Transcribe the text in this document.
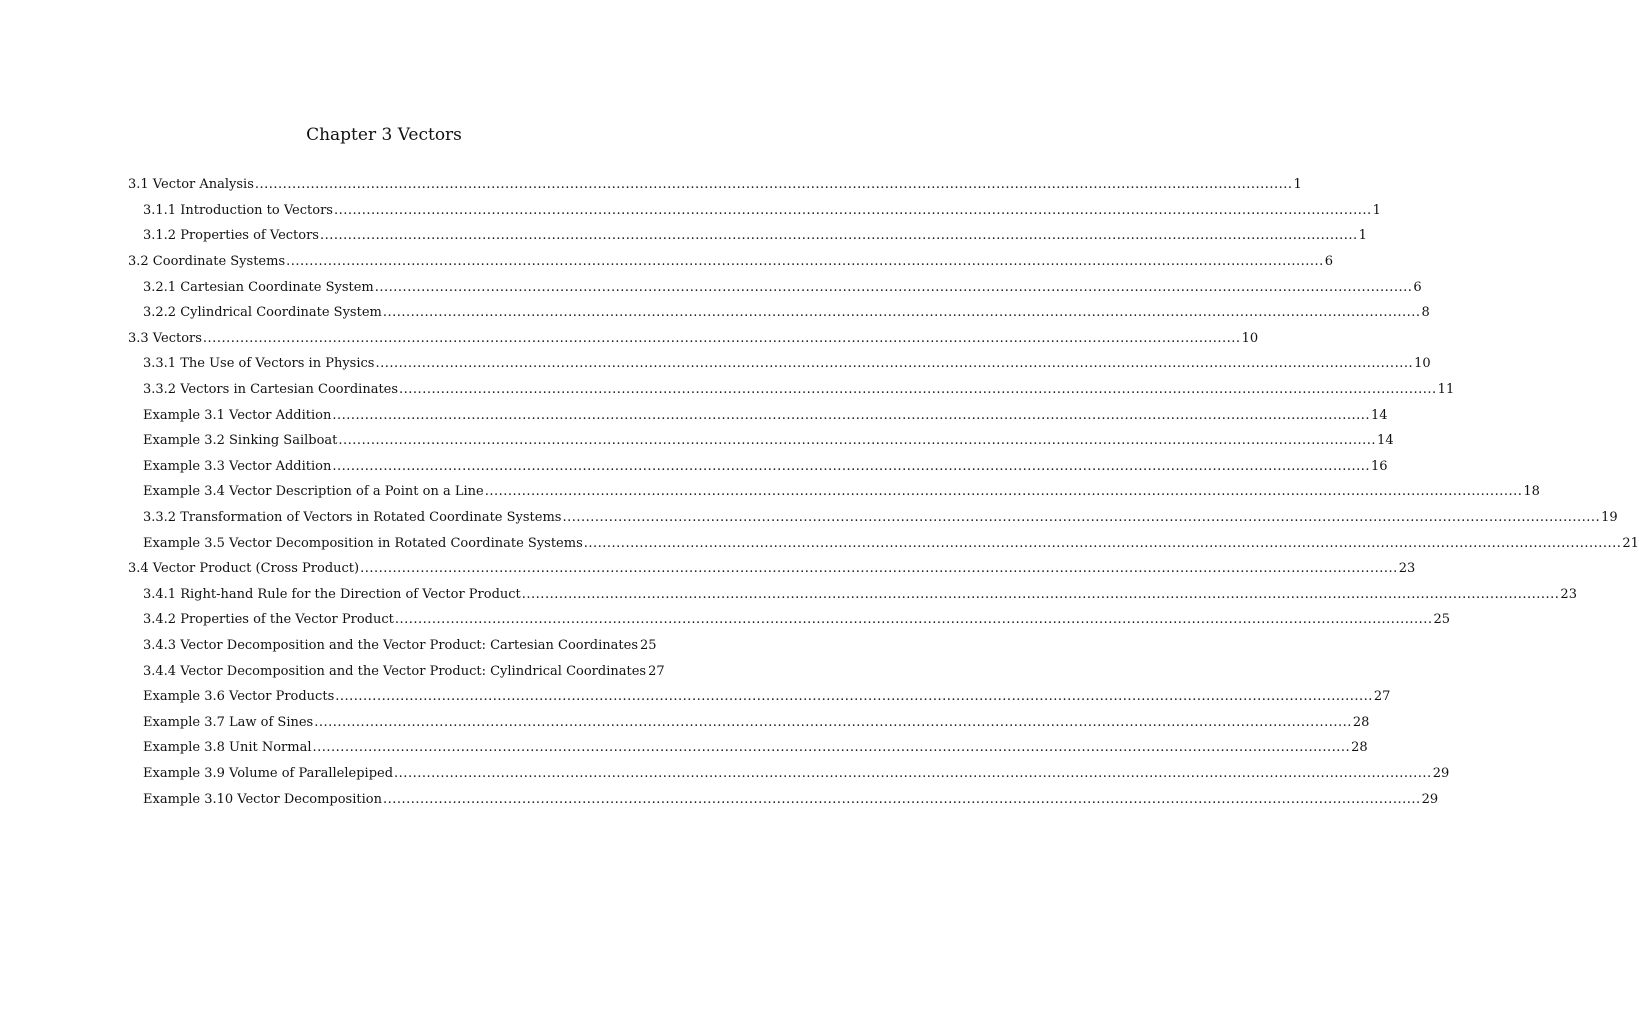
Chapter 3 Vectors
3.1 Vector Analysis .....	1
3.1.1 Introduction to Vectors .....	1
3.1.2 Properties of Vectors .....	1
3.2 Coordinate Systems .....	6
3.2.1 Cartesian Coordinate System .....	6
3.2.2 Cylindrical Coordinate System .....	8
3.3 Vectors .....	10
3.3.1 The Use of Vectors in Physics .....	10
3.3.2 Vectors in Cartesian Coordinates .....	11
Example 3.1 Vector Addition .....	14
Example 3.2 Sinking Sailboat .....	14
Example 3.3 Vector Addition .....	16
Example 3.4 Vector Description of a Point on a Line .....	18
3.3.2 Transformation of Vectors in Rotated Coordinate Systems .....	19
Example 3.5 Vector Decomposition in Rotated Coordinate Systems .....	21
3.4 Vector Product (Cross Product) .....	23
3.4.1 Right-hand Rule for the Direction of Vector Product .....	23
3.4.2 Properties of the Vector Product .....	25
3.4.3 Vector Decomposition and the Vector Product: Cartesian Coordinates 25
3.4.4 Vector Decomposition and the Vector Product: Cylindrical Coordinates 27
Example 3.6 Vector Products .....	27
Example 3.7 Law of Sines .....	28
Example 3.8 Unit Normal .....	28
Example 3.9 Volume of Parallelepiped .....	29
Example 3.10 Vector Decomposition .....	29
